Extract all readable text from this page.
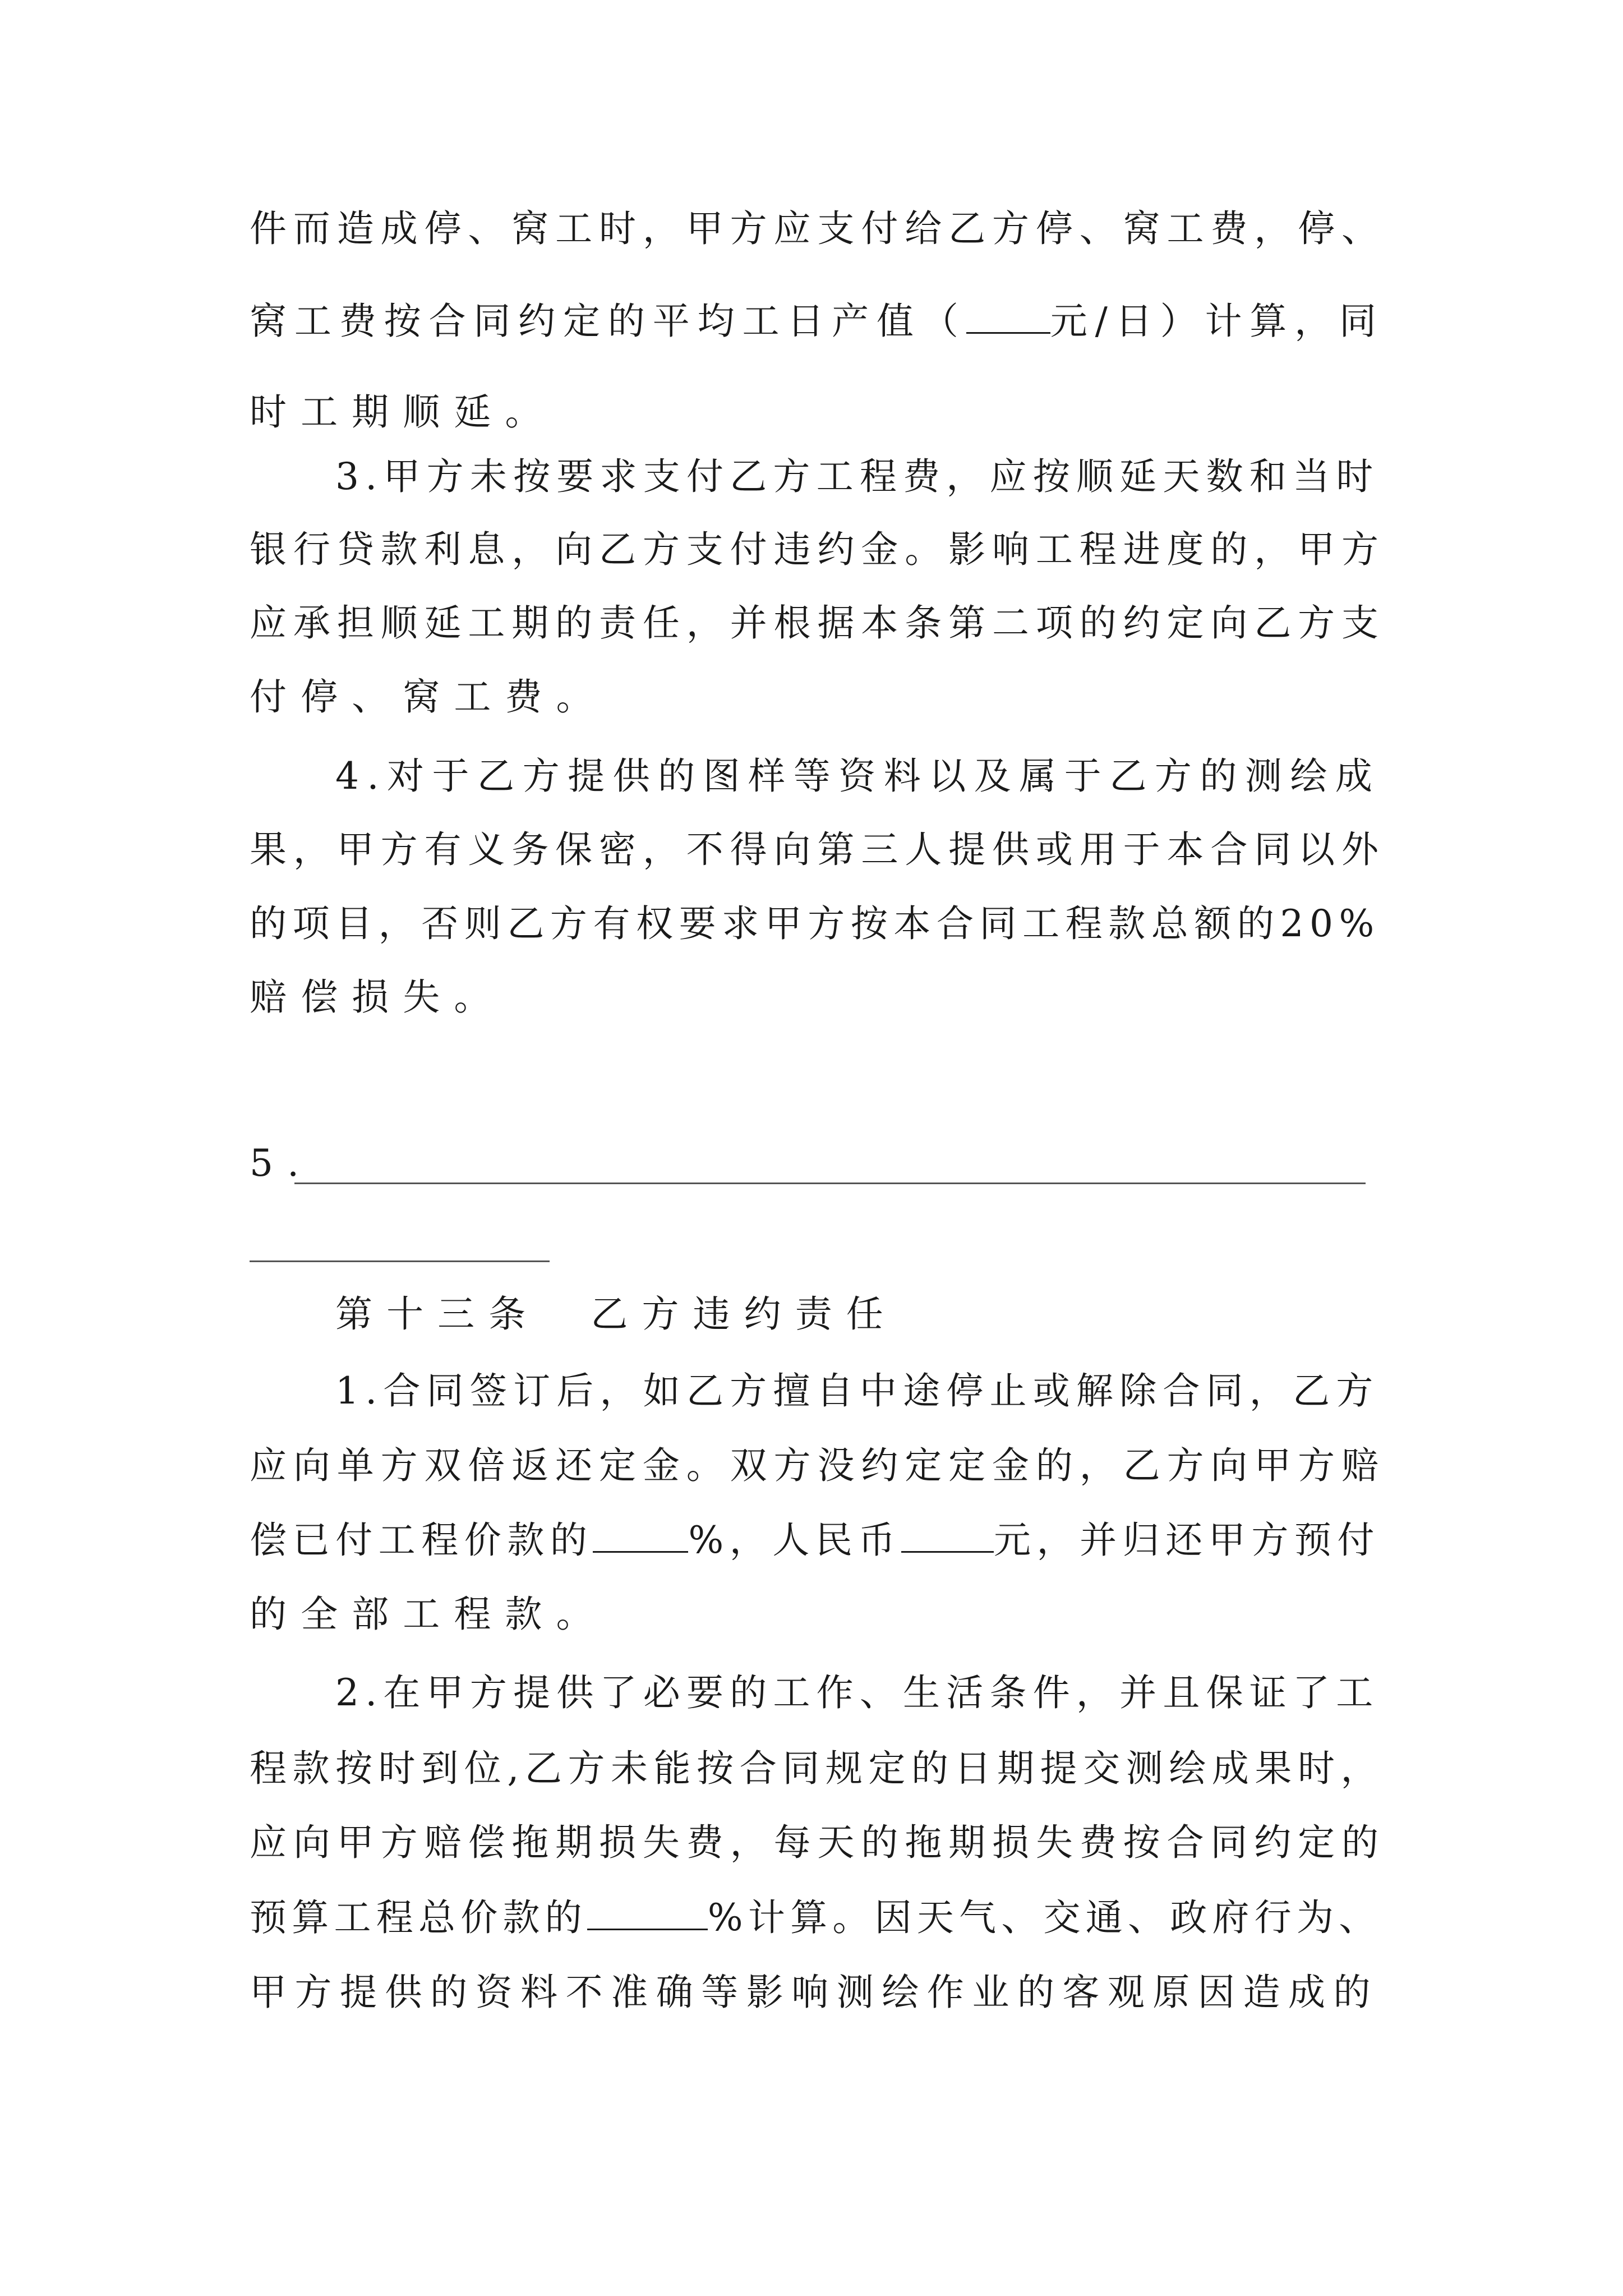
件而造成停、窝工时，甲方应支付给乙方停、窝工费，停、
窝工费按合同约定的平均工日产值（ 元/日）计算，同
时工期顺延。
3.甲方未按要求支付乙方工程费，应按顺延天数和当时
银行贷款利息，向乙方支付违约金。影响工程进度的，甲方
应承担顺延工期的责任，并根据本条第二项的约定向乙方支
付停、窝工费。
4.对于乙方提供的图样等资料以及属于乙方的测绘成
果，甲方有义务保密，不得向第三人提供或用于本合同以外
的项目，否则乙方有权要求甲方按本合同工程款总额的20%
赔偿损失。
5.
第十三条　乙方违约责任
1.合同签订后，如乙方擅自中途停止或解除合同，乙方
应向单方双倍返还定金。双方没约定定金的，乙方向甲方赔
偿已付工程价款的	%，人民币	元，并归还甲方预付
的全部工程款。
2.在甲方提供了必要的工作、生活条件，并且保证了工
程款按时到位,乙方未能按合同规定的日期提交测绘成果时，
应向甲方赔偿拖期损失费，每天的拖期损失费按合同约定的
预算工程总价款的	%计算。因天气、交通、政府行为、
甲方提供的资料不准确等影响测绘作业的客观原因造成的
